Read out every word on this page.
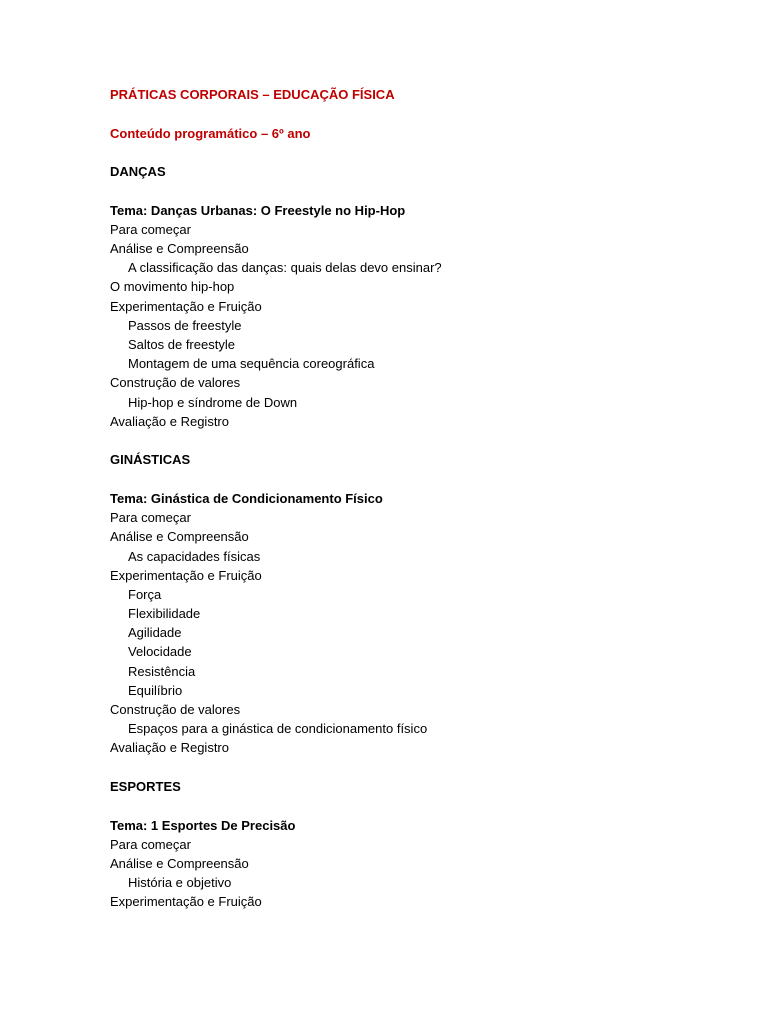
PRÁTICAS CORPORAIS – EDUCAÇÃO FÍSICA
Conteúdo programático – 6º ano
DANÇAS
Tema: Danças Urbanas: O Freestyle no Hip-Hop
Para começar
Análise e Compreensão
A classificação das danças: quais delas devo ensinar?
O movimento hip-hop
Experimentação e Fruição
Passos de freestyle
Saltos de freestyle
Montagem de uma sequência coreográfica
Construção de valores
Hip-hop e síndrome de Down
Avaliação e Registro
GINÁSTICAS
Tema: Ginástica de Condicionamento Físico
Para começar
Análise e Compreensão
As capacidades físicas
Experimentação e Fruição
Força
Flexibilidade
Agilidade
Velocidade
Resistência
Equilíbrio
Construção de valores
Espaços para a ginástica de condicionamento físico
Avaliação e Registro
ESPORTES
Tema: 1 Esportes De Precisão
Para começar
Análise e Compreensão
História e objetivo
Experimentação e Fruição
